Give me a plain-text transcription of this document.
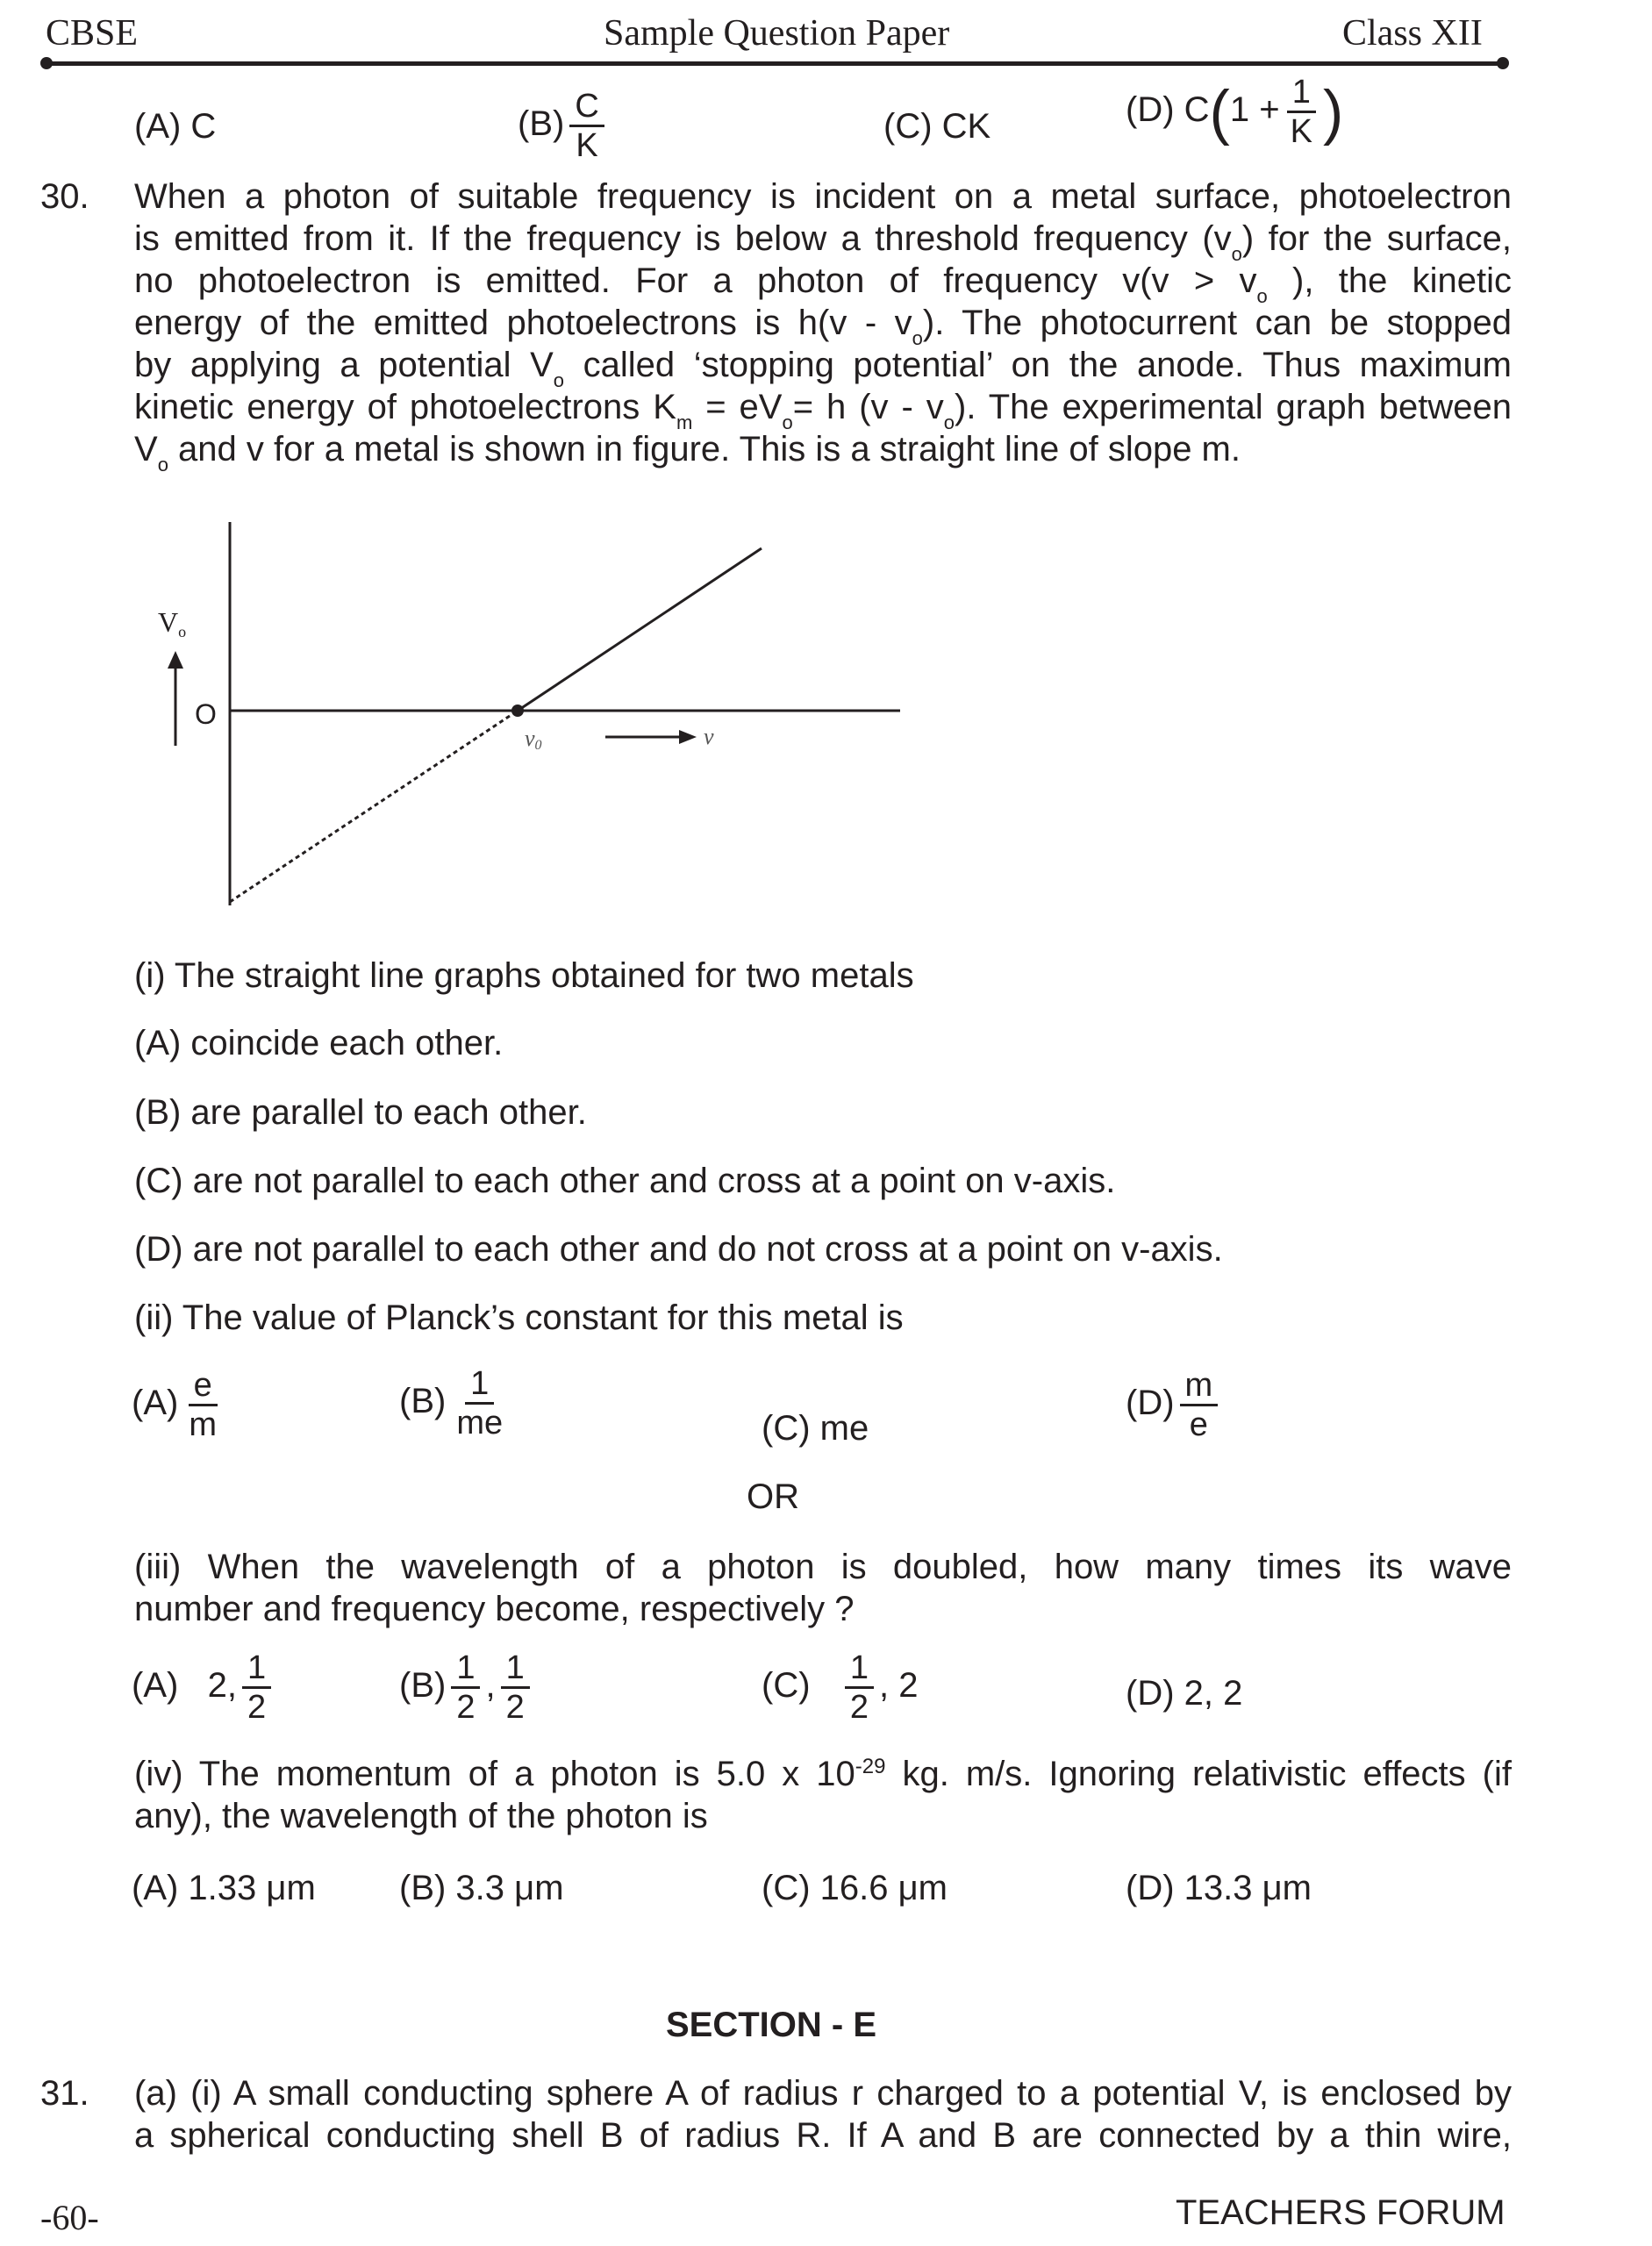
CBSE	Sample Question Paper	Class XII
(A) C	$(B) \frac{C}{K}$	(C) CK	(D) $C(1 + \frac{1}{K}$ )
30. When a photon of suitable frequency is incident on a metal surface, photoelectron
is emitted from it. If the frequency is below a threshold frequency $(v_o)$ for the surface,
no photoelectron is emitted. For a photon of frequency $v(v > v_o$ ), the kinetic
energy of the emitted photoelectrons is $h(v - v_o)$. The photocurrent can be stopped
by applying a potential $V_o$ called ‘stopping potential’ on the anode. Thus maximum
kinetic energy of photoelectrons $K_m = eV_o= h$ $(v - v_o)$. The experimental graph between
$V_o$ and v for a metal is shown in figure. This is a straight line of slope m.
Vo
O
ν0	ν
(i) The straight line graphs obtained for two metals
(A) coincide each other.
(B) are parallel to each other.
(C) are not parallel to each other and cross at a point on v-axis.
(D) are not parallel to each other and do not cross at a point on v-axis.
(ii) The value of Planck’s constant for this metal is
$(A) \frac{e}{m}$	$(B) \frac{1}{me}$	(C) me
$(D) \frac{m}{e}$
OR
(iii) When the wavelength of a photon is doubled, how many times its wave
number and frequency become, respectively ?
(A) 2, $\frac{1}{2}$	$(B) \frac{1}{2}$ , $\frac{1}{2}$	$(C) \frac{1}{2}$ , 2	(D) 2, 2
(iv) The momentum of a photon is 5.0 x $10^{-29}$ kg. m/s. Ignoring relativistic effects (if
any), the wavelength of the photon is
(A) 1.33 μm (B) 3.3 μm	(C) 16.6 μm	(D) 13.3 μm
SECTION - E
31. (a) (i) A small conducting sphere A of radius r charged to a potential V, is enclosed by
a spherical conducting shell B of radius R. If A and B are connected by a thin wire,
-60-	TEACHERS FORUM
